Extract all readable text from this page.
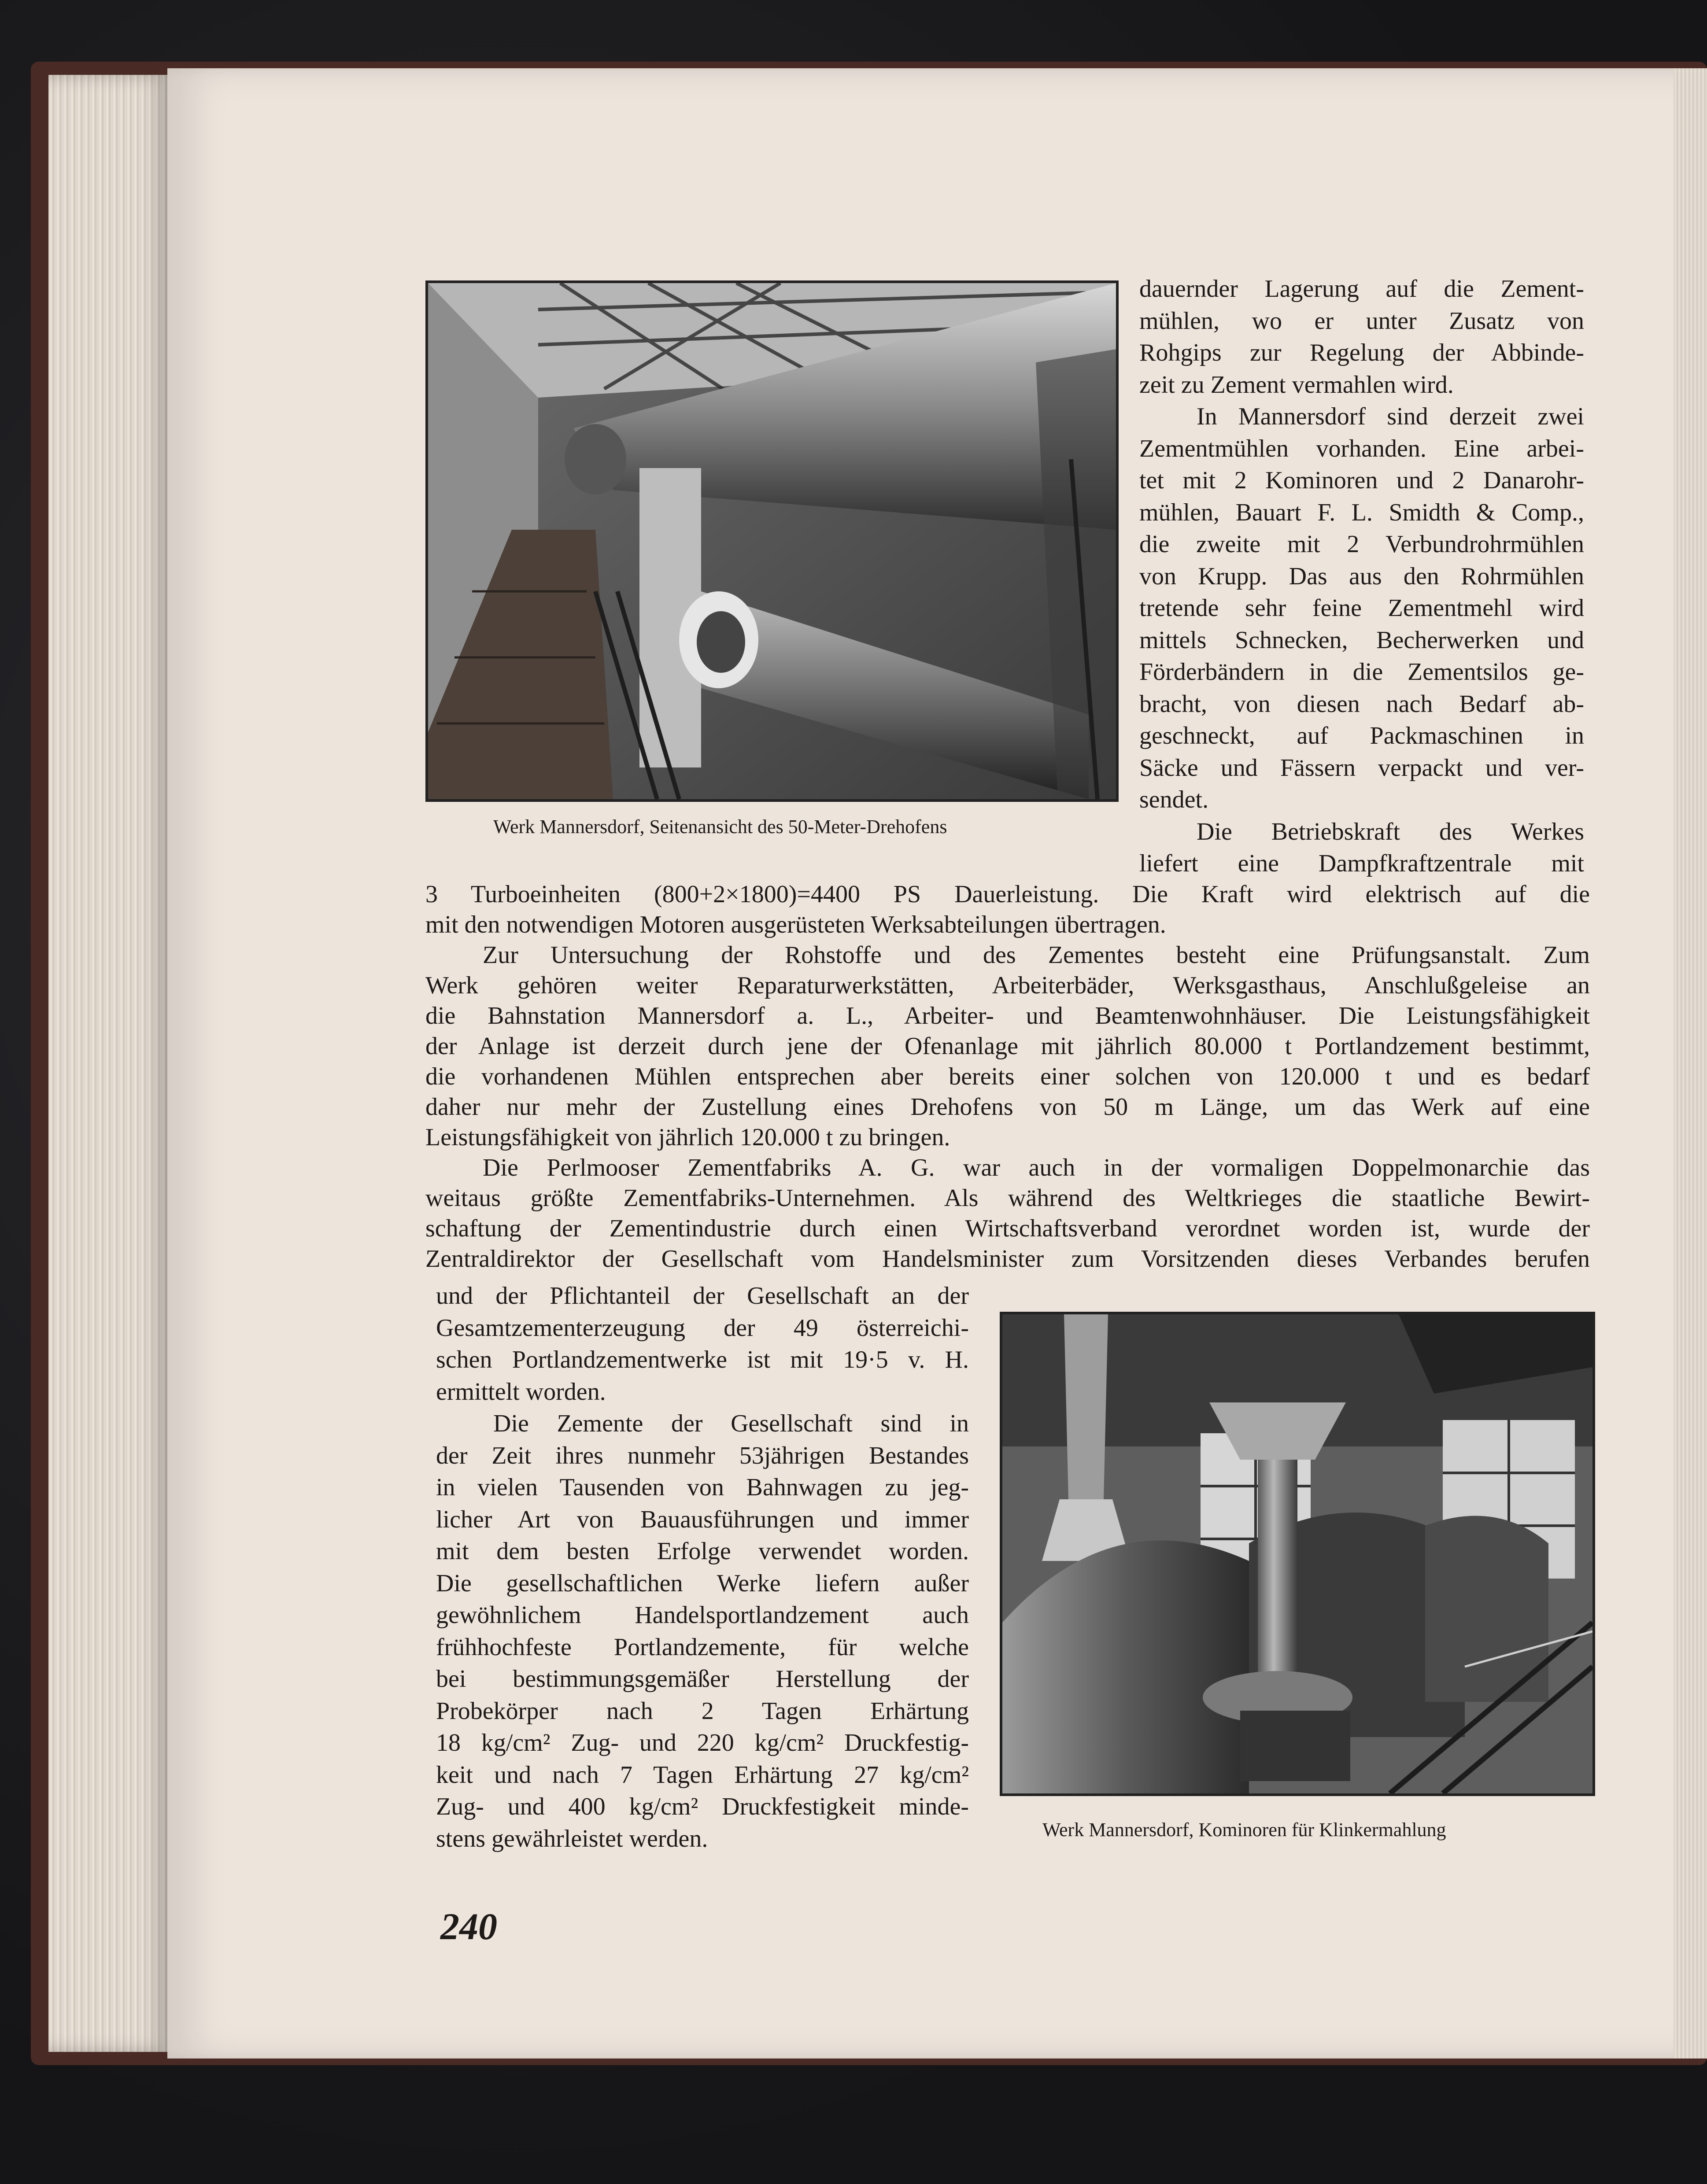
Werk Mannersdorf, Seitenansicht des 50-Meter-Drehofens
Werk Mannersdorf, Kominoren für Klinkermahlung
dauernder Lagerung auf die Zement-
mühlen, wo er unter Zusatz von
Rohgips zur Regelung der Abbinde-
zeit zu Zement vermahlen wird.
In Mannersdorf sind derzeit zwei
Zementmühlen vorhanden. Eine arbei-
tet mit 2 Kominoren und 2 Danarohr-
mühlen, Bauart F. L. Smidth & Comp.,
die zweite mit 2 Verbundrohrmühlen
von Krupp. Das aus den Rohrmühlen
tretende sehr feine Zementmehl wird
mittels Schnecken, Becherwerken und
Förderbändern in die Zementsilos ge-
bracht, von diesen nach Bedarf ab-
geschneckt, auf Packmaschinen in
Säcke und Fässern verpackt und ver-
sendet.
Die Betriebskraft des Werkes
liefert eine Dampfkraftzentrale mit
3 Turboeinheiten (800+2×1800)=4400 PS Dauerleistung. Die Kraft wird elektrisch auf die
mit den notwendigen Motoren ausgerüsteten Werksabteilungen übertragen.
Zur Untersuchung der Rohstoffe und des Zementes besteht eine Prüfungsanstalt. Zum
Werk gehören weiter Reparaturwerkstätten, Arbeiterbäder, Werksgasthaus, Anschlußgeleise an
die Bahnstation Mannersdorf a. L., Arbeiter- und Beamtenwohnhäuser. Die Leistungsfähigkeit
der Anlage ist derzeit durch jene der Ofenanlage mit jährlich 80.000 t Portlandzement bestimmt,
die vorhandenen Mühlen entsprechen aber bereits einer solchen von 120.000 t und es bedarf
daher nur mehr der Zustellung eines Drehofens von 50 m Länge, um das Werk auf eine
Leistungsfähigkeit von jährlich 120.000 t zu bringen.
Die Perlmooser Zementfabriks A. G. war auch in der vormaligen Doppelmonarchie das
weitaus größte Zementfabriks-Unternehmen. Als während des Weltkrieges die staatliche Bewirt-
schaftung der Zementindustrie durch einen Wirtschaftsverband verordnet worden ist, wurde der
Zentraldirektor der Gesellschaft vom Handelsminister zum Vorsitzenden dieses Verbandes berufen
und der Pflichtanteil der Gesellschaft an der
Gesamtzementerzeugung der 49 österreichi-
schen Portlandzementwerke ist mit 19·5 v. H.
ermittelt worden.
Die Zemente der Gesellschaft sind in
der Zeit ihres nunmehr 53jährigen Bestandes
in vielen Tausenden von Bahnwagen zu jeg-
licher Art von Bauausführungen und immer
mit dem besten Erfolge verwendet worden.
Die gesellschaftlichen Werke liefern außer
gewöhnlichem Handelsportlandzement auch
frühhochfeste Portlandzemente, für welche
bei bestimmungsgemäßer Herstellung der
Probekörper nach 2 Tagen Erhärtung
18 kg/cm² Zug- und 220 kg/cm² Druckfestig-
keit und nach 7 Tagen Erhärtung 27 kg/cm²
Zug- und 400 kg/cm² Druckfestigkeit minde-
stens gewährleistet werden.
240
